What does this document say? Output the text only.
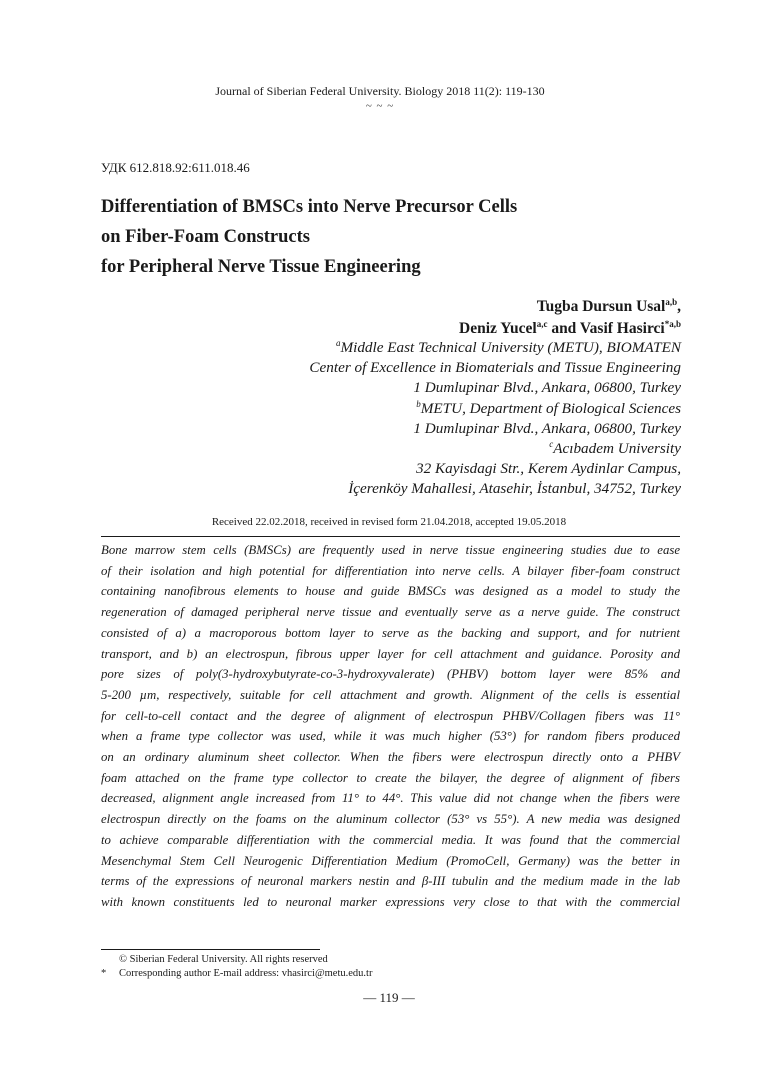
Journal of Siberian Federal University. Biology 2018 11(2): 119-130
~ ~ ~
УДК 612.818.92:611.018.46
Differentiation of BMSCs into Nerve Precursor Cells
on Fiber-Foam Constructs
for Peripheral Nerve Tissue Engineering
Tugba Dursun Usal$^{a,b}$,
Deniz Yucel$^{a,c}$ and Vasif Hasirci$^{*a,b}$
$^a$Middle East Technical University (METU), BIOMATEN
Center of Excellence in Biomaterials and Tissue Engineering
1 Dumlupinar Blvd., Ankara, 06800, Turkey
$^b$METU, Department of Biological Sciences
1 Dumlupinar Blvd., Ankara, 06800, Turkey
$^c$Acıbadem University
32 Kayisdagi Str., Kerem Aydinlar Campus,
İçerenköy Mahallesi, Atasehir, İstanbul, 34752, Turkey
Received 22.02.2018, received in revised form 21.04.2018, accepted 19.05.2018
Bone marrow stem cells (BMSCs) are frequently used in nerve tissue engineering studies due to ease
of their isolation and high potential for differentiation into nerve cells. A bilayer fiber-foam construct
containing nanofibrous elements to house and guide BMSCs was designed as a model to study the
regeneration of damaged peripheral nerve tissue and eventually serve as a nerve guide. The construct
consisted of a) a macroporous bottom layer to serve as the backing and support, and for nutrient
transport, and b) an electrospun, fibrous upper layer for cell attachment and guidance. Porosity and
pore sizes of poly(3-hydroxybutyrate-co-3-hydroxyvalerate) (PHBV) bottom layer were 85% and
5-200 µm, respectively, suitable for cell attachment and growth. Alignment of the cells is essential
for cell-to-cell contact and the degree of alignment of electrospun PHBV/Collagen fibers was 11°
when a frame type collector was used, while it was much higher (53°) for random fibers produced
on an ordinary aluminum sheet collector. When the fibers were electrospun directly onto a PHBV
foam attached on the frame type collector to create the bilayer, the degree of alignment of fibers
decreased, alignment angle increased from 11° to 44°. This value did not change when the fibers were
electrospun directly on the foams on the aluminum collector (53° vs 55°). A new media was designed
to achieve comparable differentiation with the commercial media. It was found that the commercial
Mesenchymal Stem Cell Neurogenic Differentiation Medium (PromoCell, Germany) was the better in
terms of the expressions of neuronal markers nestin and β-III tubulin and the medium made in the lab
with known constituents led to neuronal marker expressions very close to that with the commercial
© Siberian Federal University. All rights reserved
* Corresponding author E-mail address: vhasirci@metu.edu.tr
— 119 —
